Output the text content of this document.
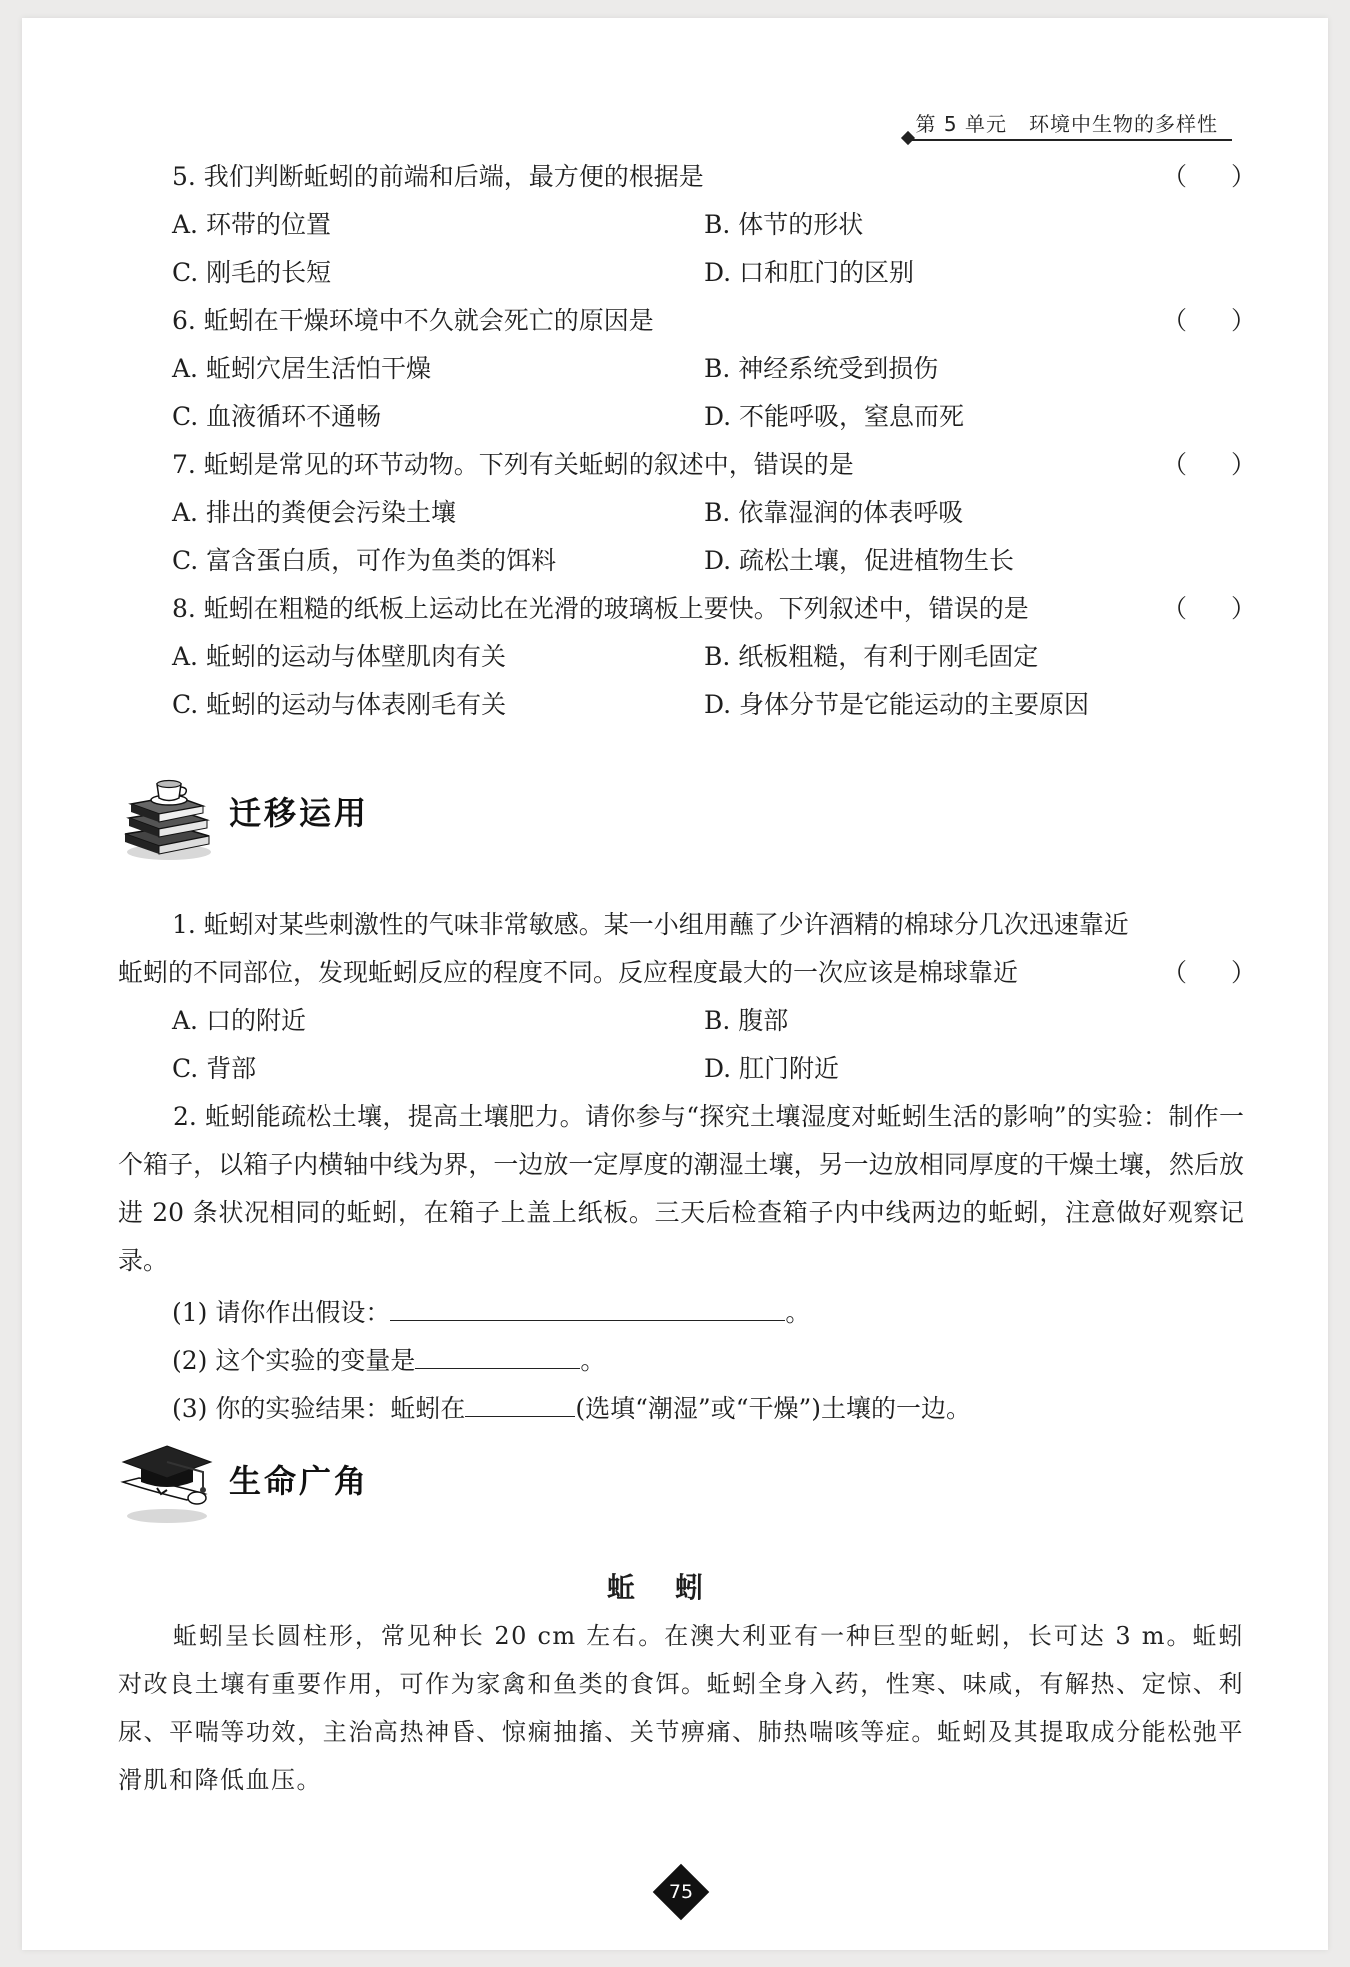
第 5 单元 环境中生物的多样性
5. 我们判断蚯蚓的前端和后端，最方便的根据是	（ ）
A. 环带的位置	B. 体节的形状
C. 刚毛的长短	D. 口和肛门的区别
6. 蚯蚓在干燥环境中不久就会死亡的原因是	（ ）
A. 蚯蚓穴居生活怕干燥	B. 神经系统受到损伤
C. 血液循环不通畅	D. 不能呼吸，窒息而死
7. 蚯蚓是常见的环节动物。下列有关蚯蚓的叙述中，错误的是	（ ）
A. 排出的粪便会污染土壤	B. 依靠湿润的体表呼吸
C. 富含蛋白质，可作为鱼类的饵料	D. 疏松土壤，促进植物生长
8. 蚯蚓在粗糙的纸板上运动比在光滑的玻璃板上要快。下列叙述中，错误的是	（ ）
A. 蚯蚓的运动与体壁肌肉有关	B. 纸板粗糙，有利于刚毛固定
C. 蚯蚓的运动与体表刚毛有关	D. 身体分节是它能运动的主要原因
迁移运用
1. 蚯蚓对某些刺激性的气味非常敏感。某一小组用蘸了少许酒精的棉球分几次迅速靠近
蚯蚓的不同部位，发现蚯蚓反应的程度不同。反应程度最大的一次应该是棉球靠近	（ ）
A. 口的附近	B. 腹部
C. 背部	D. 肛门附近
2. 蚯蚓能疏松土壤，提高土壤肥力。请你参与“探究土壤湿度对蚯蚓生活的影响”的实验：制作一个箱子，以箱子内横轴中线为界，一边放一定厚度的潮湿土壤，另一边放相同厚度的干燥土壤，然后放进 20 条状况相同的蚯蚓，在箱子上盖上纸板。三天后检查箱子内中线两边的蚯蚓，注意做好观察记录。
(1) 请你作出假设：	。
(2) 这个实验的变量是	。
(3) 你的实验结果：蚯蚓在	(选填“潮湿”或“干燥”)土壤的一边。
生命广角
蚯蚓
蚯蚓呈长圆柱形，常见种长 20 cm 左右。在澳大利亚有一种巨型的蚯蚓，长可达 3 m。蚯蚓对改良土壤有重要作用，可作为家禽和鱼类的食饵。蚯蚓全身入药，性寒、味咸，有解热、定惊、利尿、平喘等功效，主治高热神昏、惊痫抽搐、关节痹痛、肺热喘咳等症。蚯蚓及其提取成分能松弛平滑肌和降低血压。
75
